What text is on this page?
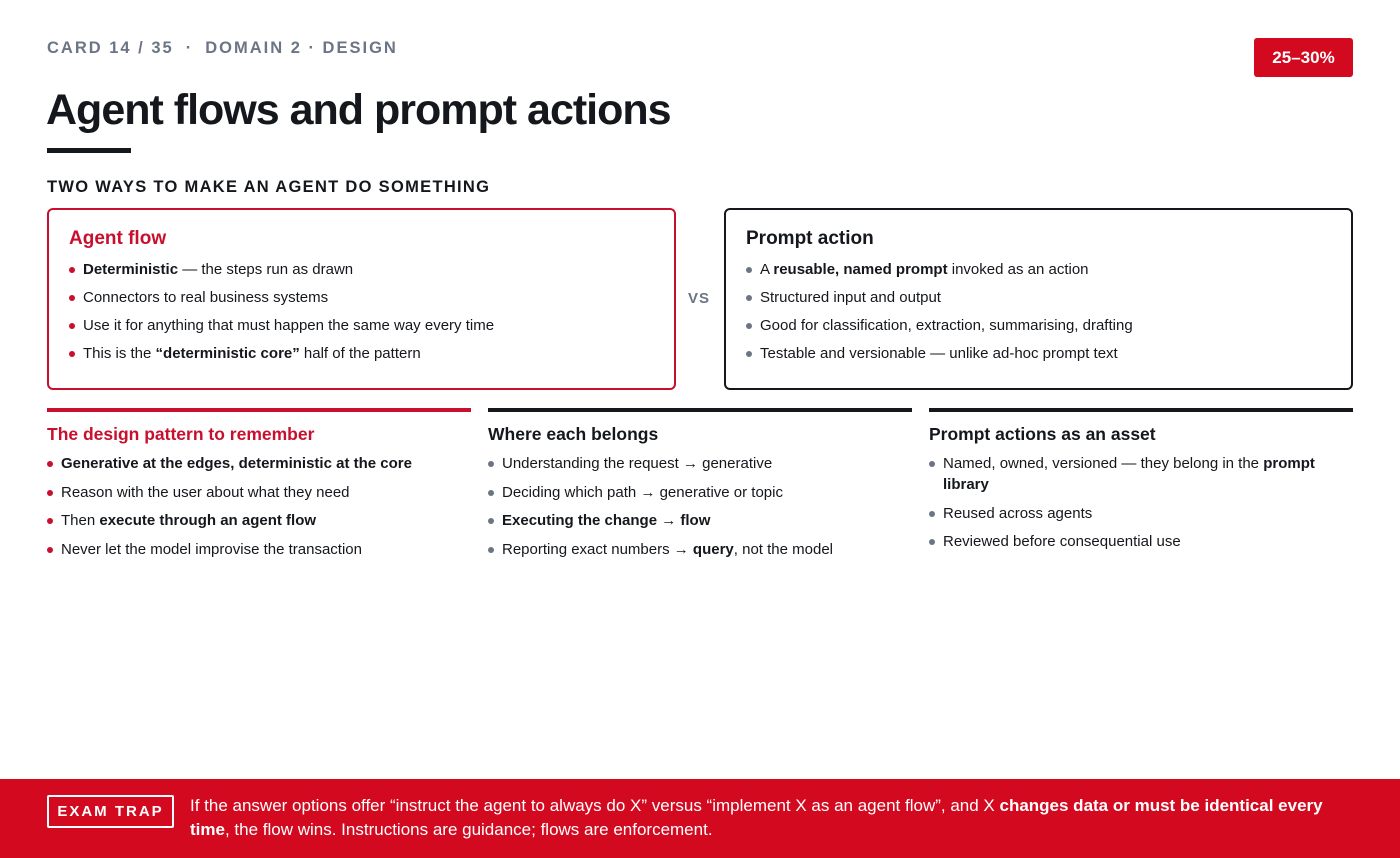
CARD 14 / 35 · DOMAIN 2 · DESIGN	25–30%
Agent flows and prompt actions
TWO WAYS TO MAKE AN AGENT DO SOMETHING
Agent flow
Deterministic — the steps run as drawn
Connectors to real business systems
Use it for anything that must happen the same way every time
This is the “deterministic core” half of the pattern
VS
Prompt action
A reusable, named prompt invoked as an action
Structured input and output
Good for classification, extraction, summarising, drafting
Testable and versionable — unlike ad-hoc prompt text
The design pattern to remember
Generative at the edges, deterministic at the core
Reason with the user about what they need
Then execute through an agent flow
Never let the model improvise the transaction
Where each belongs
Understanding the request → generative
Deciding which path → generative or topic
Executing the change → flow
Reporting exact numbers → query, not the model
Prompt actions as an asset
Named, owned, versioned — they belong in the prompt library
Reused across agents
Reviewed before consequential use
EXAM TRAP	If the answer options offer “instruct the agent to always do X” versus “implement X as an agent flow”, and X changes data or must be identical every time, the flow wins. Instructions are guidance; flows are enforcement.
